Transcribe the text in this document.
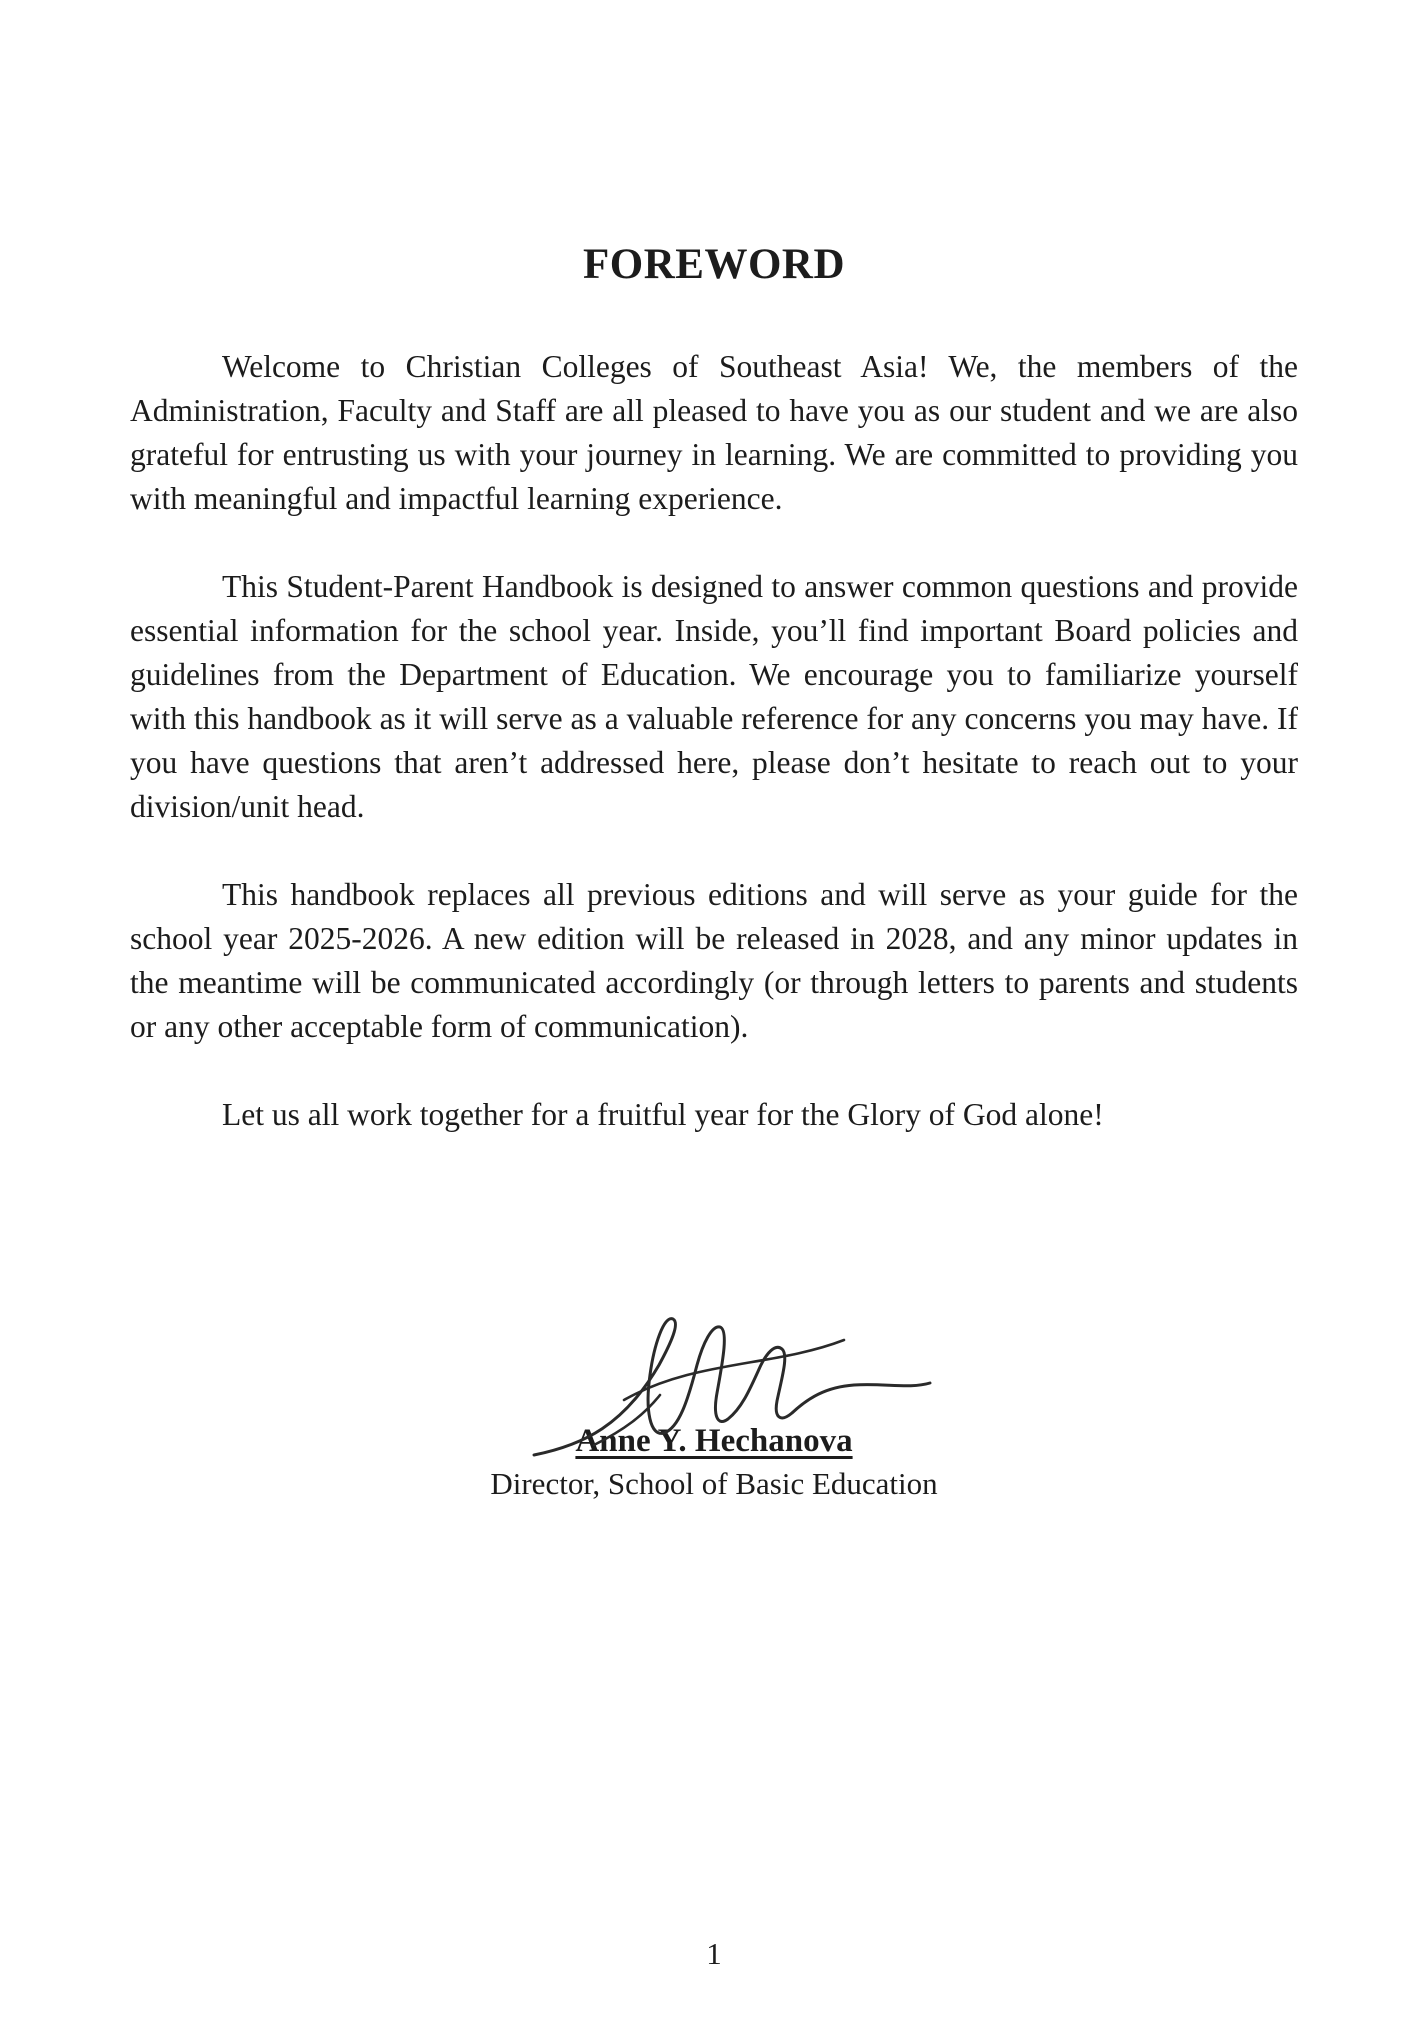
FOREWORD

Welcome to Christian Colleges of Southeast Asia! We, the members of the Administration, Faculty and Staff are all pleased to have you as our student and we are also grateful for entrusting us with your journey in learning. We are committed to providing you with meaningful and impactful learning experience.

This Student-Parent Handbook is designed to answer common questions and provide essential information for the school year. Inside, you’ll find important Board policies and guidelines from the Department of Education. We encourage you to familiarize yourself with this handbook as it will serve as a valuable reference for any concerns you may have. If you have questions that aren’t addressed here, please don’t hesitate to reach out to your division/unit head.

This handbook replaces all previous editions and will serve as your guide for the school year 2025-2026. A new edition will be released in 2028, and any minor updates in the meantime will be communicated accordingly (or through letters to parents and students or any other acceptable form of communication).

Let us all work together for a fruitful year for the Glory of God alone!

Anne Y. Hechanova
Director, School of Basic Education
1
